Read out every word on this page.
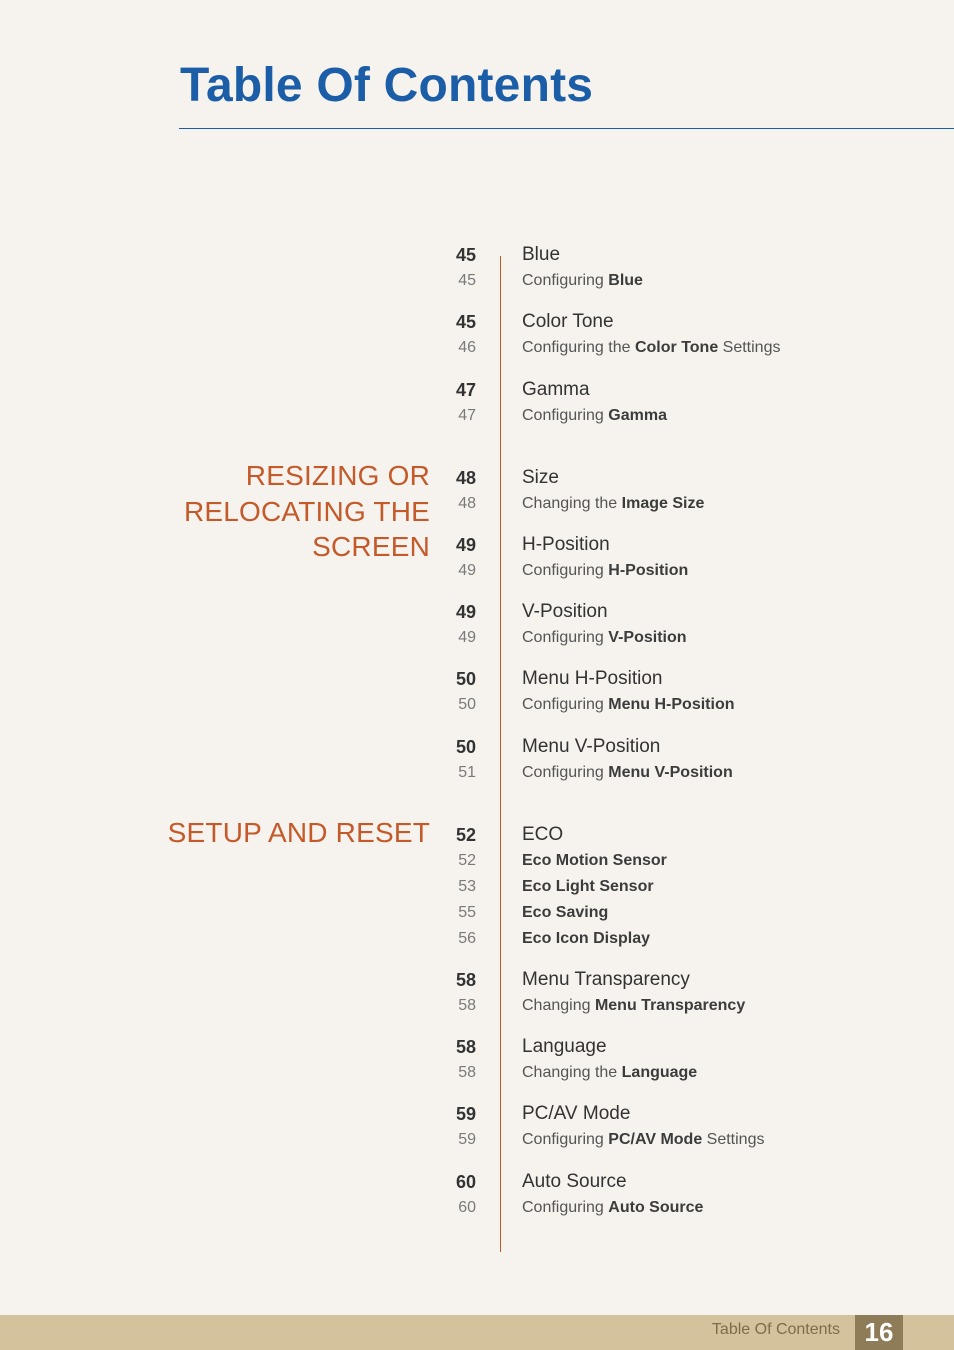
Table Of Contents
RESIZING OR
RELOCATING THE
SCREEN
SETUP AND RESET
45 Blue
45	Configuring Blue
45 Color Tone
46	Configuring the Color Tone Settings
47 Gamma
47	Configuring Gamma
48 Size
48	Changing the Image Size
49 H-Position
49	Configuring H-Position
49 V-Position
49	Configuring V-Position
50 Menu H-Position
50	Configuring Menu H-Position
50 Menu V-Position
51	Configuring Menu V-Position
52 ECO
52	Eco Motion Sensor
53	Eco Light Sensor
55	Eco Saving
56	Eco Icon Display
58 Menu Transparency
58	Changing Menu Transparency
58 Language
58	Changing the Language
59 PC/AV Mode
59	Configuring PC/AV Mode Settings
60 Auto Source
60	Configuring Auto Source
Table Of Contents 16
